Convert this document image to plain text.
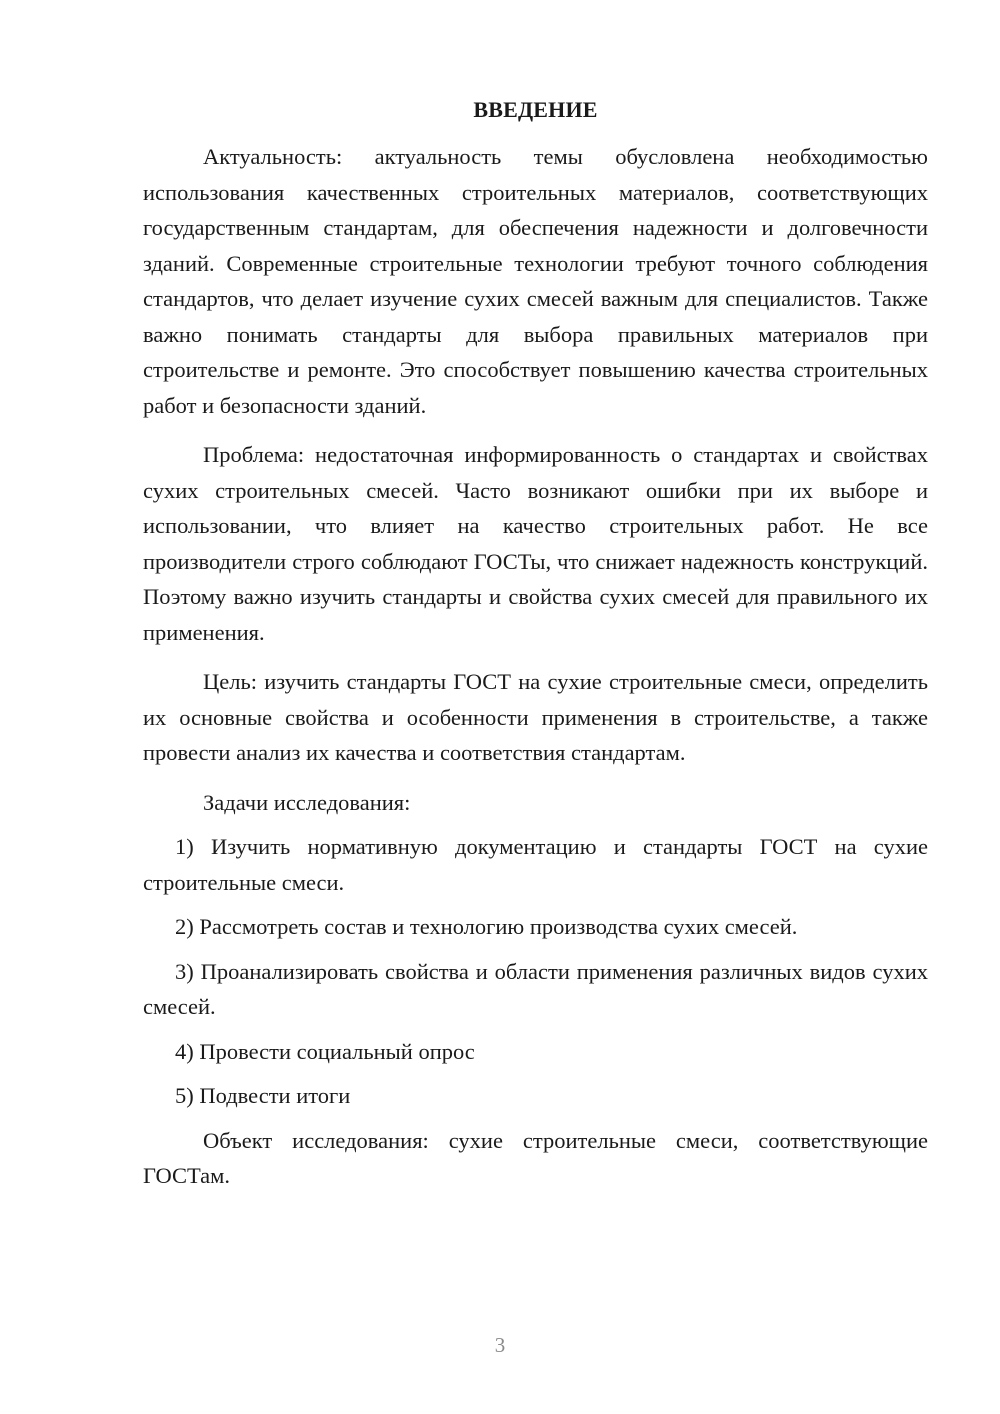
ВВЕДЕНИЕ

Актуальность: актуальность темы обусловлена необходимостью использования качественных строительных материалов, соответствующих государственным стандартам, для обеспечения надежности и долговечности зданий. Современные строительные технологии требуют точного соблюдения стандартов, что делает изучение сухих смесей важным для специалистов. Также важно понимать стандарты для выбора правильных материалов при строительстве и ремонте. Это способствует повышению качества строительных работ и безопасности зданий.

Проблема: недостаточная информированность о стандартах и свойствах сухих строительных смесей. Часто возникают ошибки при их выборе и использовании, что влияет на качество строительных работ. Не все производители строго соблюдают ГОСТы, что снижает надежность конструкций. Поэтому важно изучить стандарты и свойства сухих смесей для правильного их применения.

Цель: изучить стандарты ГОСТ на сухие строительные смеси, определить их основные свойства и особенности применения в строительстве, а также провести анализ их качества и соответствия стандартам.

Задачи исследования:

1) Изучить нормативную документацию и стандарты ГОСТ на сухие строительные смеси.

2) Рассмотреть состав и технологию производства сухих смесей.

3) Проанализировать свойства и области применения различных видов сухих смесей.

4) Провести социальный опрос

5) Подвести итоги

Объект исследования: сухие строительные смеси, соответствующие ГОСТам.

3
